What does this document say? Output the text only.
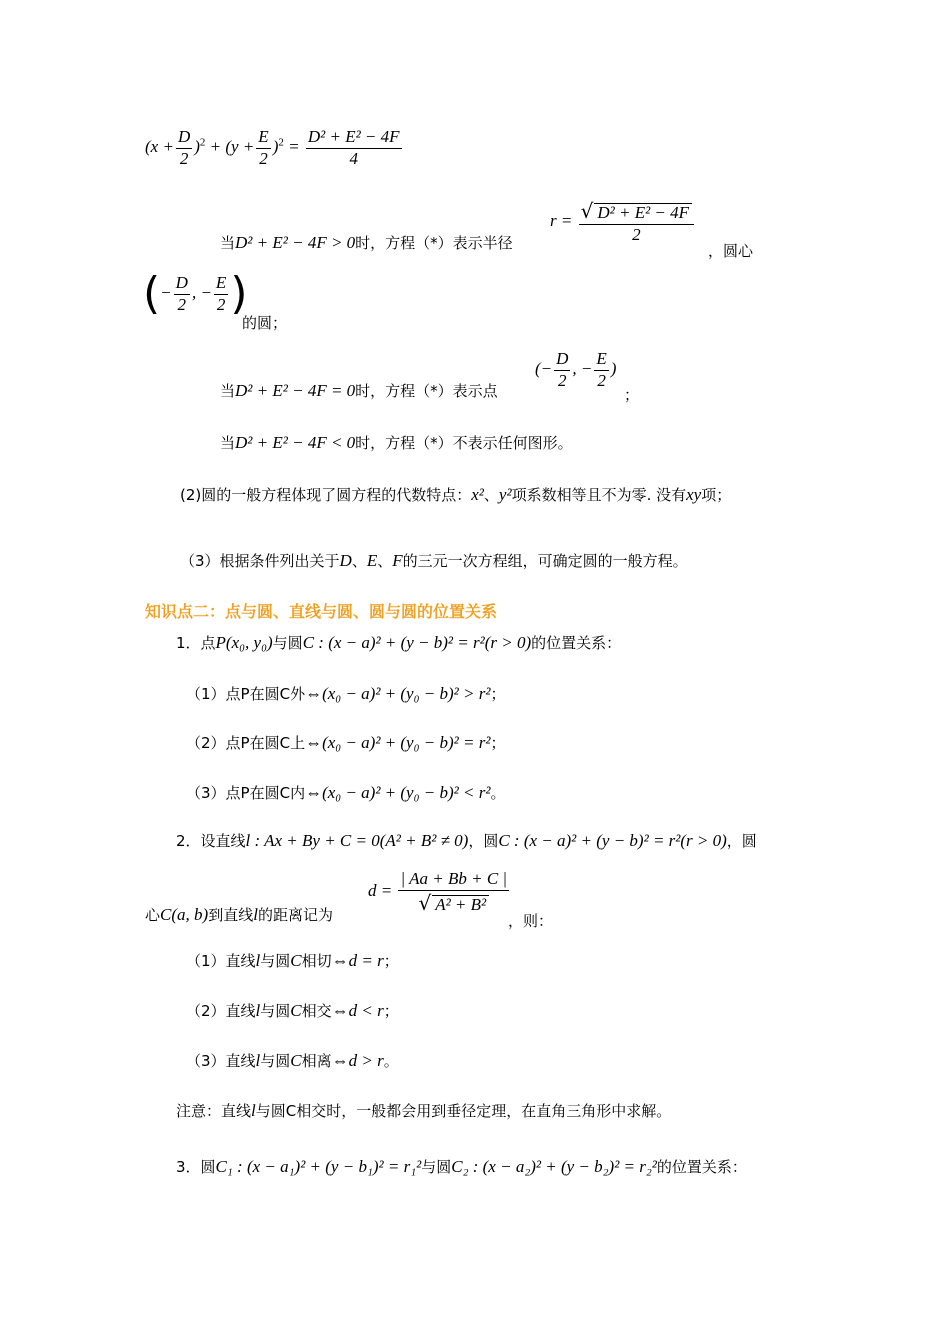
$(x + \frac{D}{2} )^2 + (y + \frac{E}{2} )^2 = \frac{\text{D² + E² − 4F}}{4}$
当D² + E² − 4F > 0时，方程（*）表示半径
$r = \frac{\text{√ D² + E² − 4F}}{2}$
，圆心
(− $\frac{D}{2}$ , − $\frac{E}{2}$ )
的圆；
当D² + E² − 4F = 0时，方程（*）表示点
(− $\frac{D}{2}$ , − $\frac{E}{2}$ )
；
当D² + E² − 4F < 0时，方程（*）不表示任何图形。
(2)圆的一般方程体现了圆方程的代数特点：x²、y²项系数相等且不为零. 没有xy项；
（3）根据条件列出关于D、E、F的三元一次方程组，可确定圆的一般方程。
知识点二：点与圆、直线与圆、圆与圆的位置关系
1．点P(x₀, y₀)与圆C : (x − a)² + (y − b)² = r²(r > 0)的位置关系：
（1）点P在圆C外⇔(x₀ − a)² + (y₀ − b)² > r²；
（2）点P在圆C上⇔(x₀ − a)² + (y₀ − b)² = r²；
（3）点P在圆C内⇔(x₀ − a)² + (y₀ − b)² < r²。
2．设直线l : Ax + By + C = 0(A² + B² ≠ 0)，圆C : (x − a)² + (y − b)² = r²(r > 0)，圆
心C(a, b)到直线l的距离记为
$d = \frac{| Aa + Bb + C |}{\text{√ A² + B²}}$
，则：
（1）直线l与圆C相切⇔d = r；
（2）直线l与圆C相交⇔d < r；
（3）直线l与圆C相离⇔d > r。
注意：直线l与圆C相交时，一般都会用到垂径定理，在直角三角形中求解。
3．圆C₁ : (x − a₁)² + (y − b₁)² = r₁²与圆C₂ : (x − a₂)² + (y − b₂)² = r₂²的位置关系：
